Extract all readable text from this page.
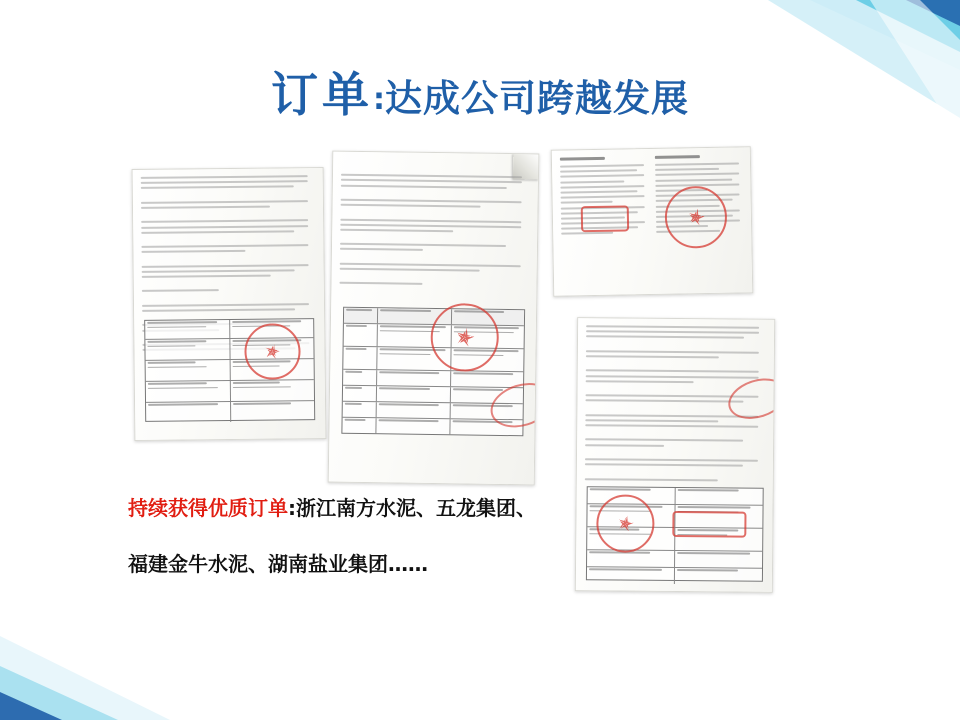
订单:达成公司跨越发展
持续获得优质订单:浙江南方水泥、五龙集团、
福建金牛水泥、湖南盐业集团……
